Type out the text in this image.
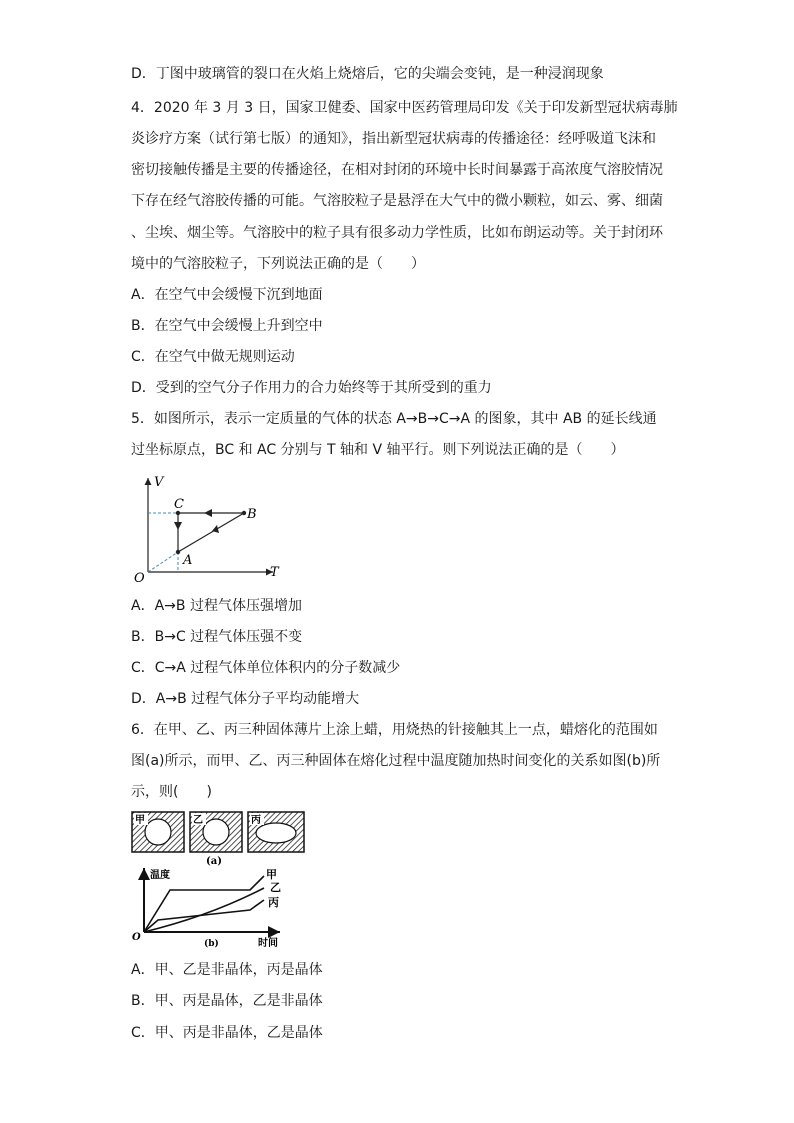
D．丁图中玻璃管的裂口在火焰上烧熔后，它的尖端会变钝，是一种浸润现象
4．2020 年 3 月 3 日，国家卫健委、国家中医药管理局印发《关于印发新型冠状病毒肺
炎诊疗方案（试行第七版）的通知》，指出新型冠状病毒的传播途径：经呼吸道飞沫和
密切接触传播是主要的传播途径，在相对封闭的环境中长时间暴露于高浓度气溶胶情况
下存在经气溶胶传播的可能。气溶胶粒子是悬浮在大气中的微小颗粒，如云、雾、细菌
、尘埃、烟尘等。气溶胶中的粒子具有很多动力学性质，比如布朗运动等。关于封闭环
境中的气溶胶粒子，下列说法正确的是（　　）
A．在空气中会缓慢下沉到地面
B．在空气中会缓慢上升到空中
C．在空气中做无规则运动
D．受到的空气分子作用力的合力始终等于其所受到的重力
5．如图所示，表示一定质量的气体的状态 A→B→C→A 的图象，其中 AB 的延长线通
过坐标原点，BC 和 AC 分别与 T 轴和 V 轴平行。则下列说法正确的是（　　）
V
T
O
A
B
C
A．A→B 过程气体压强增加
B．B→C 过程气体压强不变
C．C→A 过程气体单位体积内的分子数减少
D．A→B 过程气体分子平均动能增大
6．在甲、乙、丙三种固体薄片上涂上蜡，用烧热的针接触其上一点，蜡熔化的范围如
图(a)所示，而甲、乙、丙三种固体在熔化过程中温度随加热时间变化的关系如图(b)所
示，则(　　)
甲	乙	丙
(a)
温度
时间
O
(b)
甲
乙
丙
A．甲、乙是非晶体，丙是晶体
B．甲、丙是晶体，乙是非晶体
C．甲、丙是非晶体，乙是晶体
